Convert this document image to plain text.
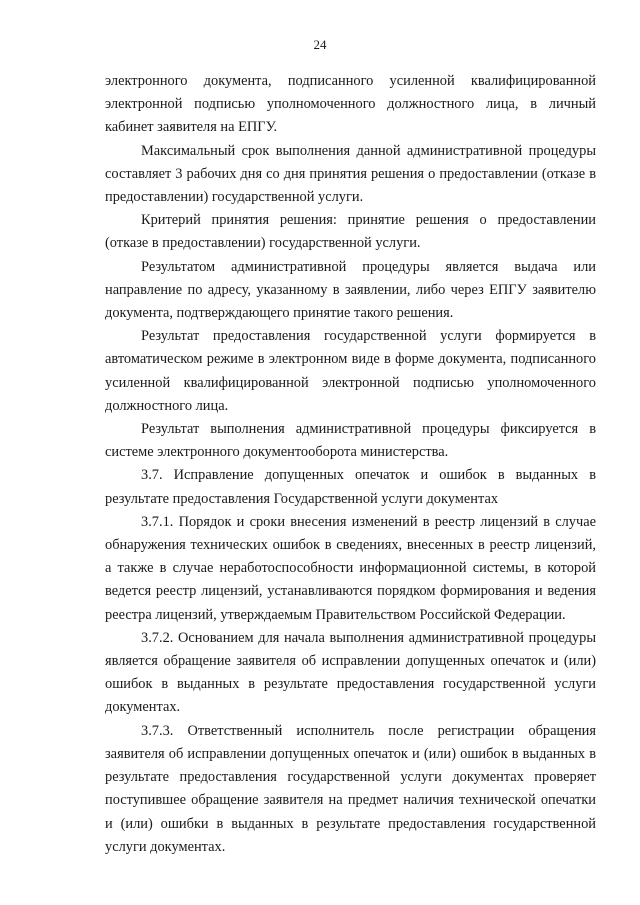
24

электронного документа, подписанного усиленной квалифицированной электронной подписью уполномоченного должностного лица, в личный кабинет заявителя на ЕПГУ.

Максимальный срок выполнения данной административной процедуры составляет 3 рабочих дня со дня принятия решения о предоставлении (отказе в предоставлении) государственной услуги.

Критерий принятия решения: принятие решения о предоставлении (отказе в предоставлении) государственной услуги.

Результатом административной процедуры является выдача или направление по адресу, указанному в заявлении, либо через ЕПГУ заявителю документа, подтверждающего принятие такого решения.

Результат предоставления государственной услуги формируется в автоматическом режиме в электронном виде в форме документа, подписанного усиленной квалифицированной электронной подписью уполномоченного должностного лица.

Результат выполнения административной процедуры фиксируется в системе электронного документооборота министерства.

3.7. Исправление допущенных опечаток и ошибок в выданных в результате предоставления Государственной услуги документах

3.7.1. Порядок и сроки внесения изменений в реестр лицензий в случае обнаружения технических ошибок в сведениях, внесенных в реестр лицензий, а также в случае неработоспособности информационной системы, в которой ведется реестр лицензий, устанавливаются порядком формирования и ведения реестра лицензий, утверждаемым Правительством Российской Федерации.

3.7.2. Основанием для начала выполнения административной процедуры является обращение заявителя об исправлении допущенных опечаток и (или) ошибок в выданных в результате предоставления государственной услуги документах.

3.7.3. Ответственный исполнитель после регистрации обращения заявителя об исправлении допущенных опечаток и (или) ошибок в выданных в результате предоставления государственной услуги документах проверяет поступившее обращение заявителя на предмет наличия технической опечатки и (или) ошибки в выданных в результате предоставления государственной услуги документах.
